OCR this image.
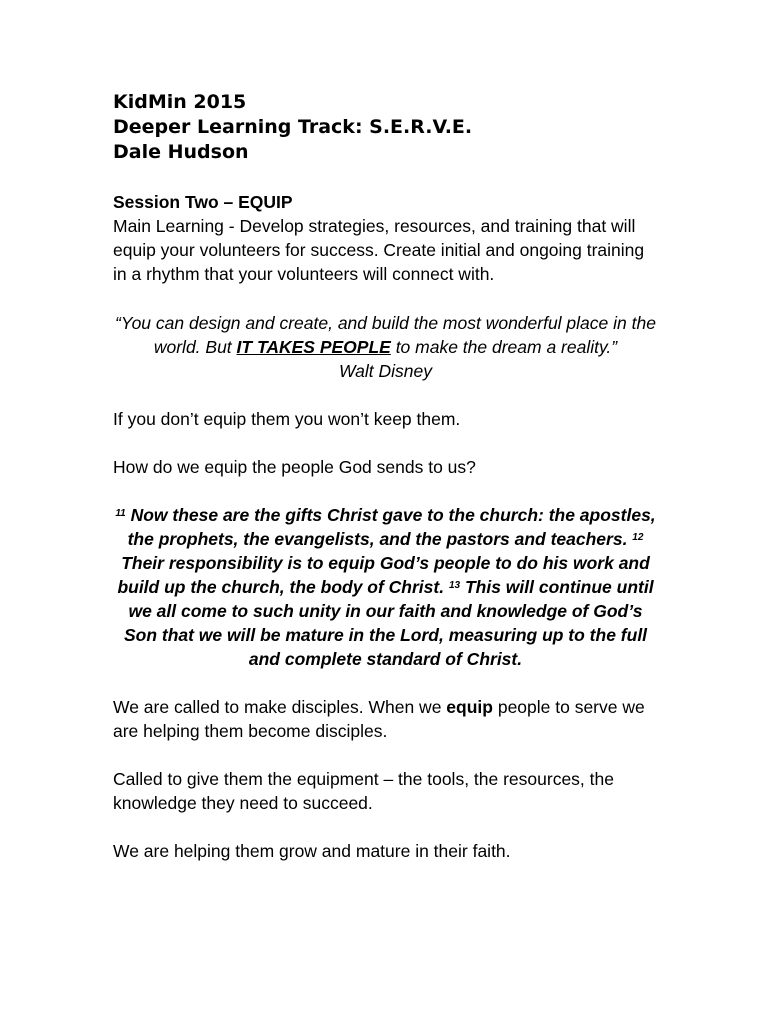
KidMin 2015

Deeper Learning Track: S.E.R.V.E.

Dale Hudson

Session Two – EQUIP

Main Learning - Develop strategies, resources, and training that will equip your volunteers for success. Create initial and ongoing training in a rhythm that your volunteers will connect with.

“You can design and create, and build the most wonderful place in the world. But IT TAKES PEOPLE to make the dream a reality.”
Walt Disney

If you don’t equip them you won’t keep them.

How do we equip the people God sends to us?

$^{11}$ Now these are the gifts Christ gave to the church: the apostles, the prophets, the evangelists, and the pastors and teachers. $^{12}$ Their responsibility is to equip God’s people to do his work and build up the church, the body of Christ. $^{13}$ This will continue until we all come to such unity in our faith and knowledge of God’s Son that we will be mature in the Lord, measuring up to the full and complete standard of Christ.

We are called to make disciples. When we equip people to serve we are helping them become disciples.

Called to give them the equipment – the tools, the resources, the knowledge they need to succeed.

We are helping them grow and mature in their faith.
